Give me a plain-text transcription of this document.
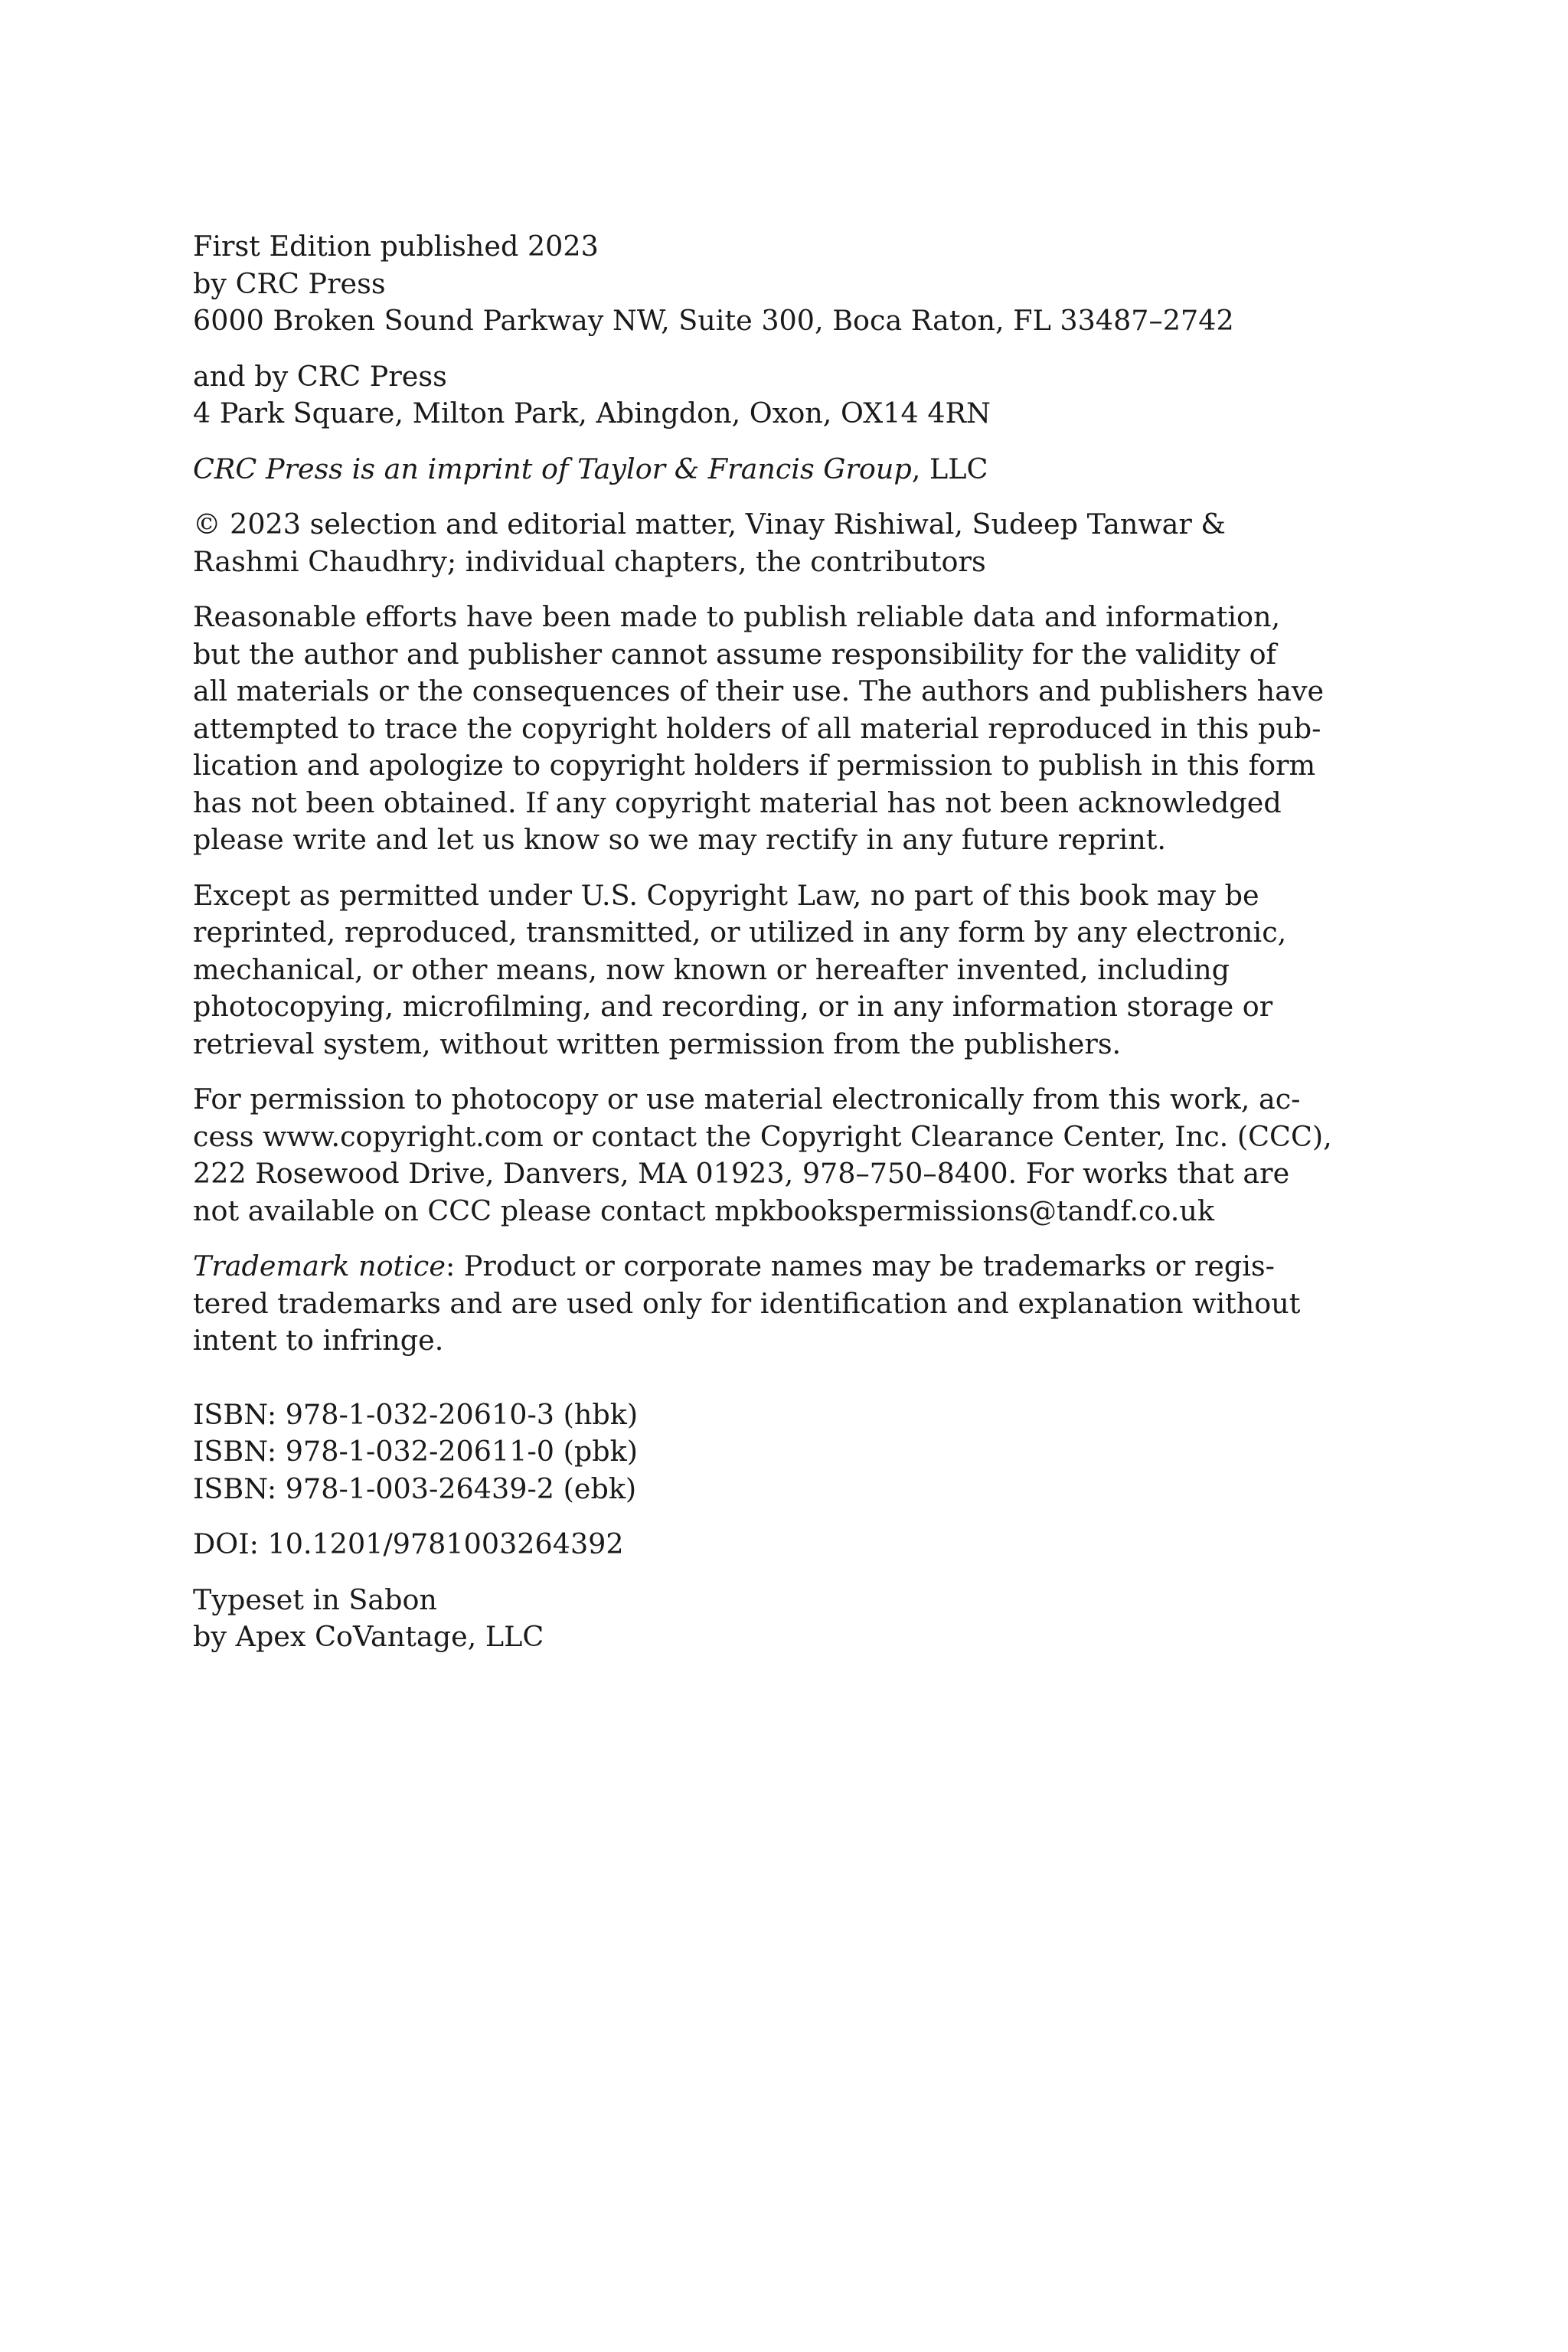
First Edition published 2023
by CRC Press
6000 Broken Sound Parkway NW, Suite 300, Boca Raton, FL 33487–2742
and by CRC Press
4 Park Square, Milton Park, Abingdon, Oxon, OX14 4RN
CRC Press is an imprint of Taylor & Francis Group, LLC
© 2023 selection and editorial matter, Vinay Rishiwal, Sudeep Tanwar &
Rashmi Chaudhry; individual chapters, the contributors
Reasonable efforts have been made to publish reliable data and information,
but the author and publisher cannot assume responsibility for the validity of
all materials or the consequences of their use. The authors and publishers have
attempted to trace the copyright holders of all material reproduced in this pub-
lication and apologize to copyright holders if permission to publish in this form
has not been obtained. If any copyright material has not been acknowledged
please write and let us know so we may rectify in any future reprint.
Except as permitted under U.S. Copyright Law, no part of this book may be
reprinted, reproduced, transmitted, or utilized in any form by any electronic,
mechanical, or other means, now known or hereafter invented, including
photocopying, microfilming, and recording, or in any information storage or
retrieval system, without written permission from the publishers.
For permission to photocopy or use material electronically from this work, ac-
cess www.copyright.com or contact the Copyright Clearance Center, Inc. (CCC),
222 Rosewood Drive, Danvers, MA 01923, 978–750–8400. For works that are
not available on CCC please contact mpkbookspermissions@tandf.co.uk
Trademark notice: Product or corporate names may be trademarks or regis-
tered trademarks and are used only for identification and explanation without
intent to infringe.
ISBN: 978-1-032-20610-3 (hbk)
ISBN: 978-1-032-20611-0 (pbk)
ISBN: 978-1-003-26439-2 (ebk)
DOI: 10.1201/9781003264392
Typeset in Sabon
by Apex CoVantage, LLC
